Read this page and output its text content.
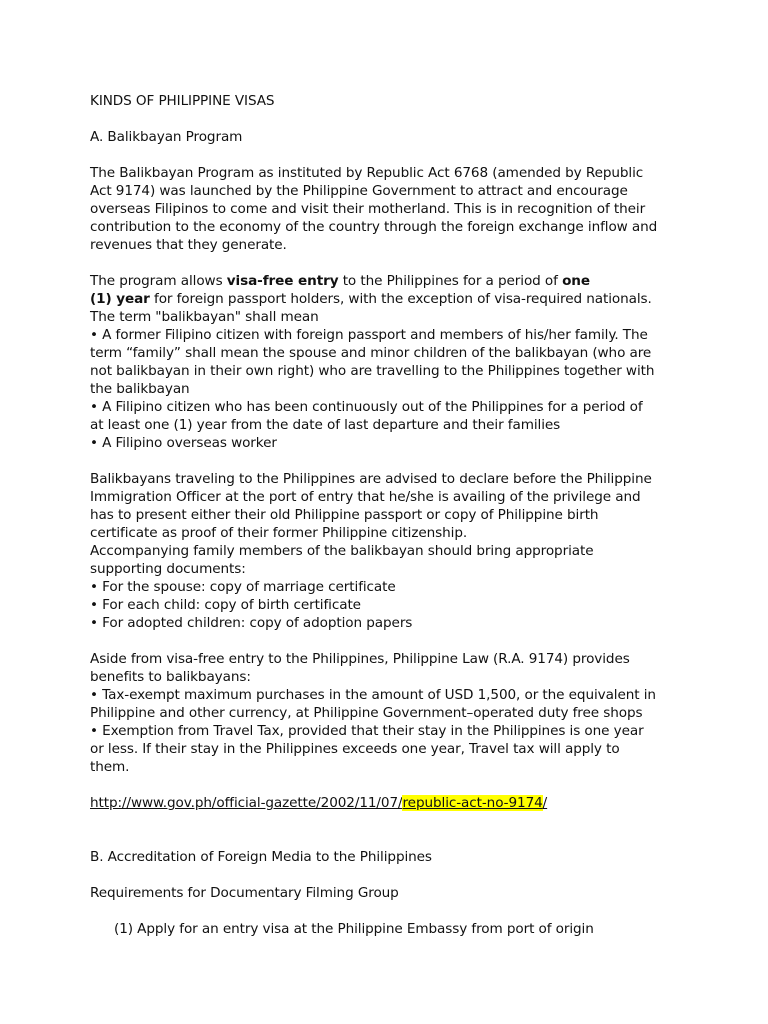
KINDS OF PHILIPPINE VISAS
A. Balikbayan Program
The Balikbayan Program as instituted by Republic Act 6768 (amended by Republic
Act 9174) was launched by the Philippine Government to attract and encourage
overseas Filipinos to come and visit their motherland. This is in recognition of their
contribution to the economy of the country through the foreign exchange inflow and
revenues that they generate.
The program allows visa-free entry to the Philippines for a period of one
(1) year for foreign passport holders, with the exception of visa-required nationals.
The term "balikbayan" shall mean
• A former Filipino citizen with foreign passport and members of his/her family. The
term “family” shall mean the spouse and minor children of the balikbayan (who are
not balikbayan in their own right) who are travelling to the Philippines together with
the balikbayan
• A Filipino citizen who has been continuously out of the Philippines for a period of
at least one (1) year from the date of last departure and their families
• A Filipino overseas worker
Balikbayans traveling to the Philippines are advised to declare before the Philippine
Immigration Officer at the port of entry that he/she is availing of the privilege and
has to present either their old Philippine passport or copy of Philippine birth
certificate as proof of their former Philippine citizenship.
Accompanying family members of the balikbayan should bring appropriate
supporting documents:
• For the spouse: copy of marriage certificate
• For each child: copy of birth certificate
• For adopted children: copy of adoption papers
Aside from visa-free entry to the Philippines, Philippine Law (R.A. 9174) provides
benefits to balikbayans:
• Tax-exempt maximum purchases in the amount of USD 1,500, or the equivalent in
Philippine and other currency, at Philippine Government–operated duty free shops
• Exemption from Travel Tax, provided that their stay in the Philippines is one year
or less. If their stay in the Philippines exceeds one year, Travel tax will apply to
them.
http://www.gov.ph/official-gazette/2002/11/07/republic-act-no-9174/
B. Accreditation of Foreign Media to the Philippines
Requirements for Documentary Filming Group
(1) Apply for an entry visa at the Philippine Embassy from port of origin
